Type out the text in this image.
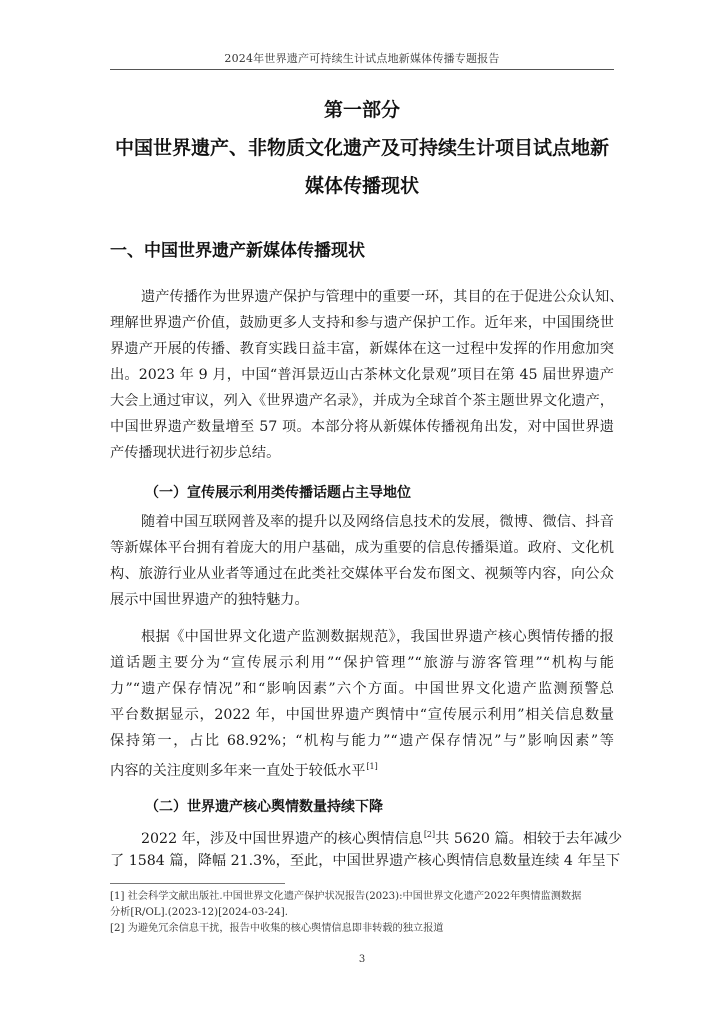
2024年世界遗产可持续生计试点地新媒体传播专题报告
第一部分
中国世界遗产、非物质文化遗产及可持续生计项目试点地新
媒体传播现状
一、中国世界遗产新媒体传播现状
遗产传播作为世界遗产保护与管理中的重要一环，其目的在于促进公众认知、
理解世界遗产价值，鼓励更多人支持和参与遗产保护工作。近年来，中国围绕世
界遗产开展的传播、教育实践日益丰富，新媒体在这一过程中发挥的作用愈加突
出。2023 年 9 月，中国“普洱景迈山古茶林文化景观”项目在第 45 届世界遗产
大会上通过审议，列入《世界遗产名录》，并成为全球首个茶主题世界文化遗产，
中国世界遗产数量增至 57 项。本部分将从新媒体传播视角出发，对中国世界遗
产传播现状进行初步总结。
（一）宣传展示利用类传播话题占主导地位
随着中国互联网普及率的提升以及网络信息技术的发展，微博、微信、抖音
等新媒体平台拥有着庞大的用户基础，成为重要的信息传播渠道。政府、文化机
构、旅游行业从业者等通过在此类社交媒体平台发布图文、视频等内容，向公众
展示中国世界遗产的独特魅力。
根据《中国世界文化遗产监测数据规范》，我国世界遗产核心舆情传播的报
道话题主要分为“宣传展示利用”“保护管理”“旅游与游客管理”“机构与能
力”“遗产保存情况”和“影响因素”六个方面。中国世界文化遗产监测预警总
平台数据显示，2022 年，中国世界遗产舆情中“宣传展示利用”相关信息数量
保持第一，占比 68.92%；“机构与能力”“遗产保存情况”与”影响因素”等
内容的关注度则多年来一直处于较低水平[1]
（二）世界遗产核心舆情数量持续下降
2022 年，涉及中国世界遗产的核心舆情信息[2]共 5620 篇。相较于去年减少
了 1584 篇，降幅 21.3%，至此，中国世界遗产核心舆情信息数量连续 4 年呈下
[1] 社会科学文献出版社.中国世界文化遗产保护状况报告(2023):中国世界文化遗产2022年舆情监测数据
分析[R/OL].(2023-12)[2024-03-24].
[2] 为避免冗余信息干扰，报告中收集的核心舆情信息即非转载的独立报道
3
